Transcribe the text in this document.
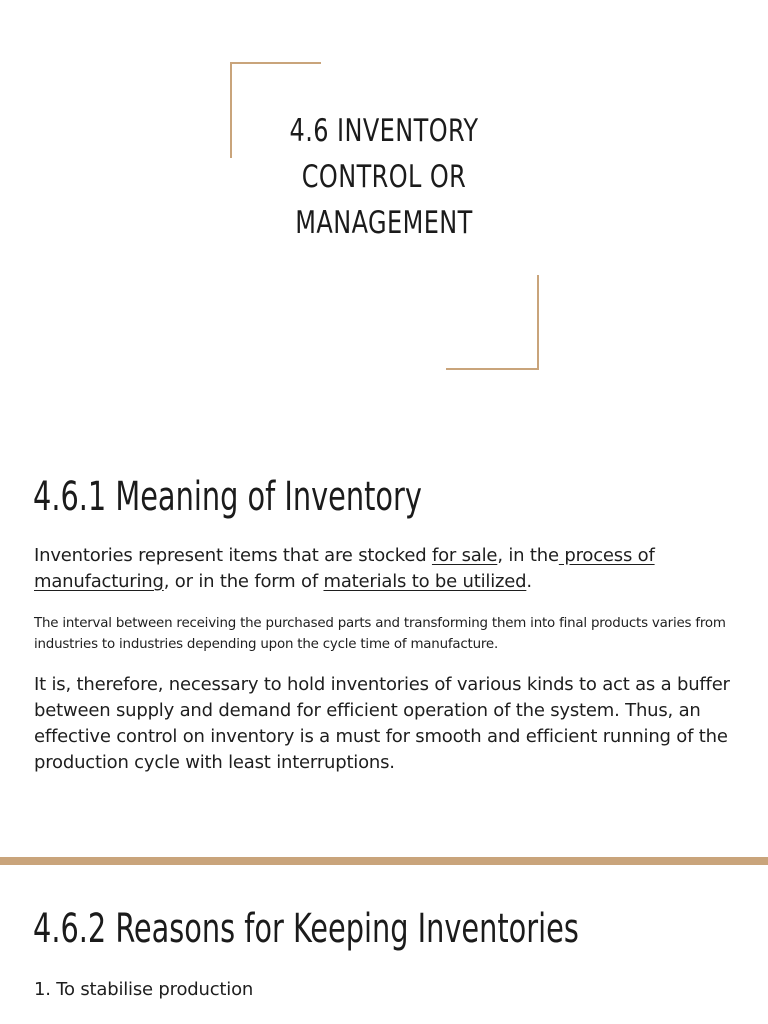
4.6 INVENTORY
CONTROL OR
MANAGEMENT
4.6.1 Meaning of Inventory

Inventories represent items that are stocked for sale, in the process of manufacturing, or in the form of materials to be utilized.

The interval between receiving the purchased parts and transforming them into final products varies from industries to industries depending upon the cycle time of manufacture.

It is, therefore, necessary to hold inventories of various kinds to act as a buffer between supply and demand for efficient operation of the system. Thus, an effective control on inventory is a must for smooth and efficient running of the production cycle with least interruptions.

4.6.2 Reasons for Keeping Inventories

1. To stabilise production
